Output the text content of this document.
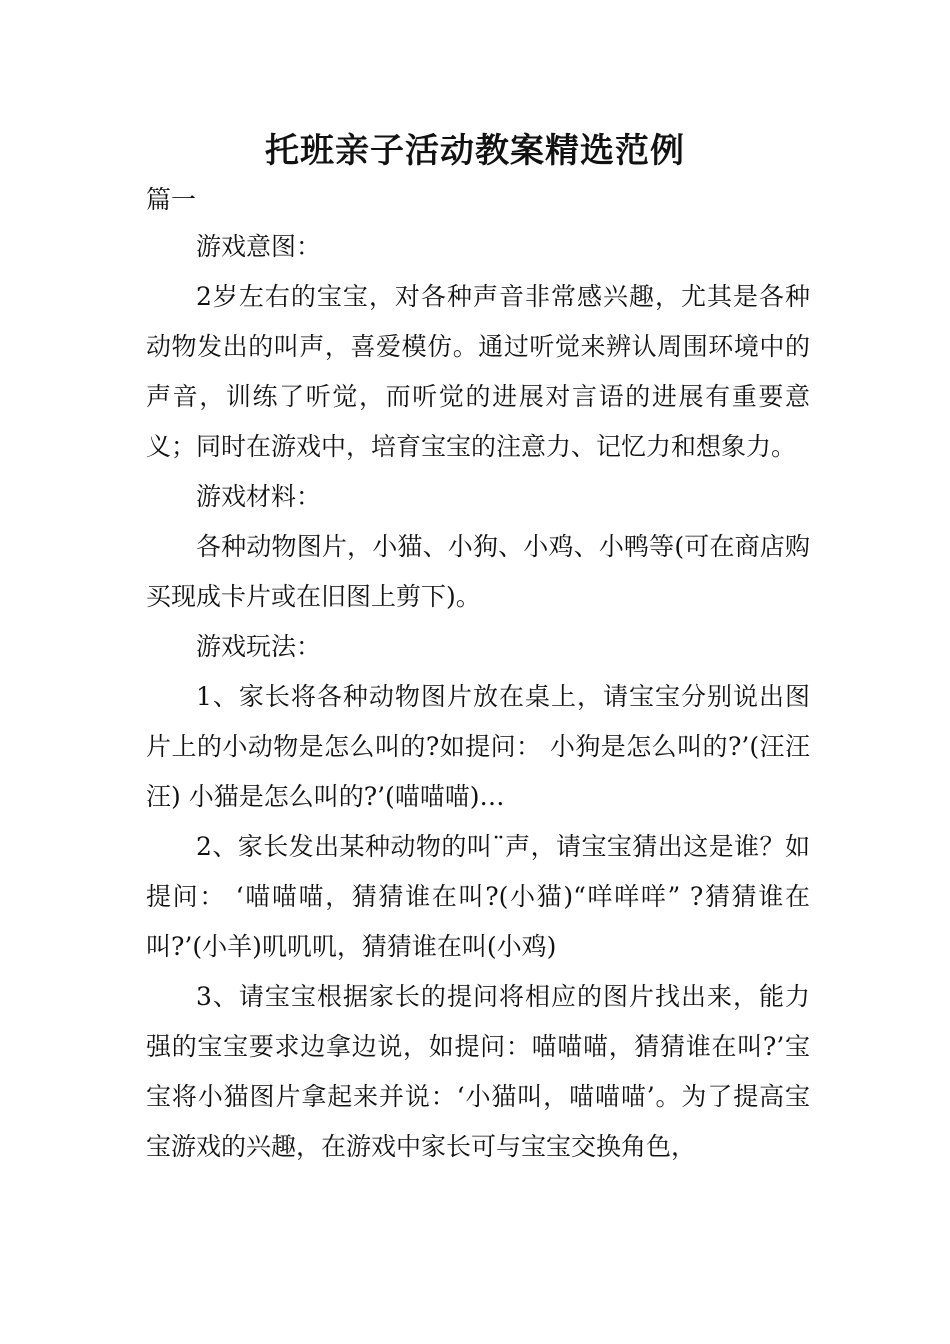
托班亲子活动教案精选范例
篇一

游戏意图：

2岁左右的宝宝，对各种声音非常感兴趣，尤其是各种动物发出的叫声，喜爱模仿。通过听觉来辨认周围环境中的声音，训练了听觉，而听觉的进展对言语的进展有重要意义；同时在游戏中，培育宝宝的注意力、记忆力和想象力。

游戏材料：

各种动物图片，小猫、小狗、小鸡、小鸭等(可在商店购买现成卡片或在旧图上剪下)。

游戏玩法：

1、家长将各种动物图片放在桌上，请宝宝分别说出图片上的小动物是怎么叫的?如提问： 小狗是怎么叫的?’(汪汪汪) 小猫是怎么叫的?’(喵喵喵)…

2、家长发出某种动物的叫¨声，请宝宝猜出这是谁？如提问： ‘喵喵喵，猜猜谁在叫?(小猫)“咩咩咩” ?猜猜谁在叫?’(小羊)叽叽叽，猜猜谁在叫(小鸡)

3、请宝宝根据家长的提问将相应的图片找出来，能力强的宝宝要求边拿边说，如提问：喵喵喵，猜猜谁在叫?’宝宝将小猫图片拿起来并说：‘小猫叫，喵喵喵’。为了提高宝宝游戏的兴趣，在游戏中家长可与宝宝交换角色，
